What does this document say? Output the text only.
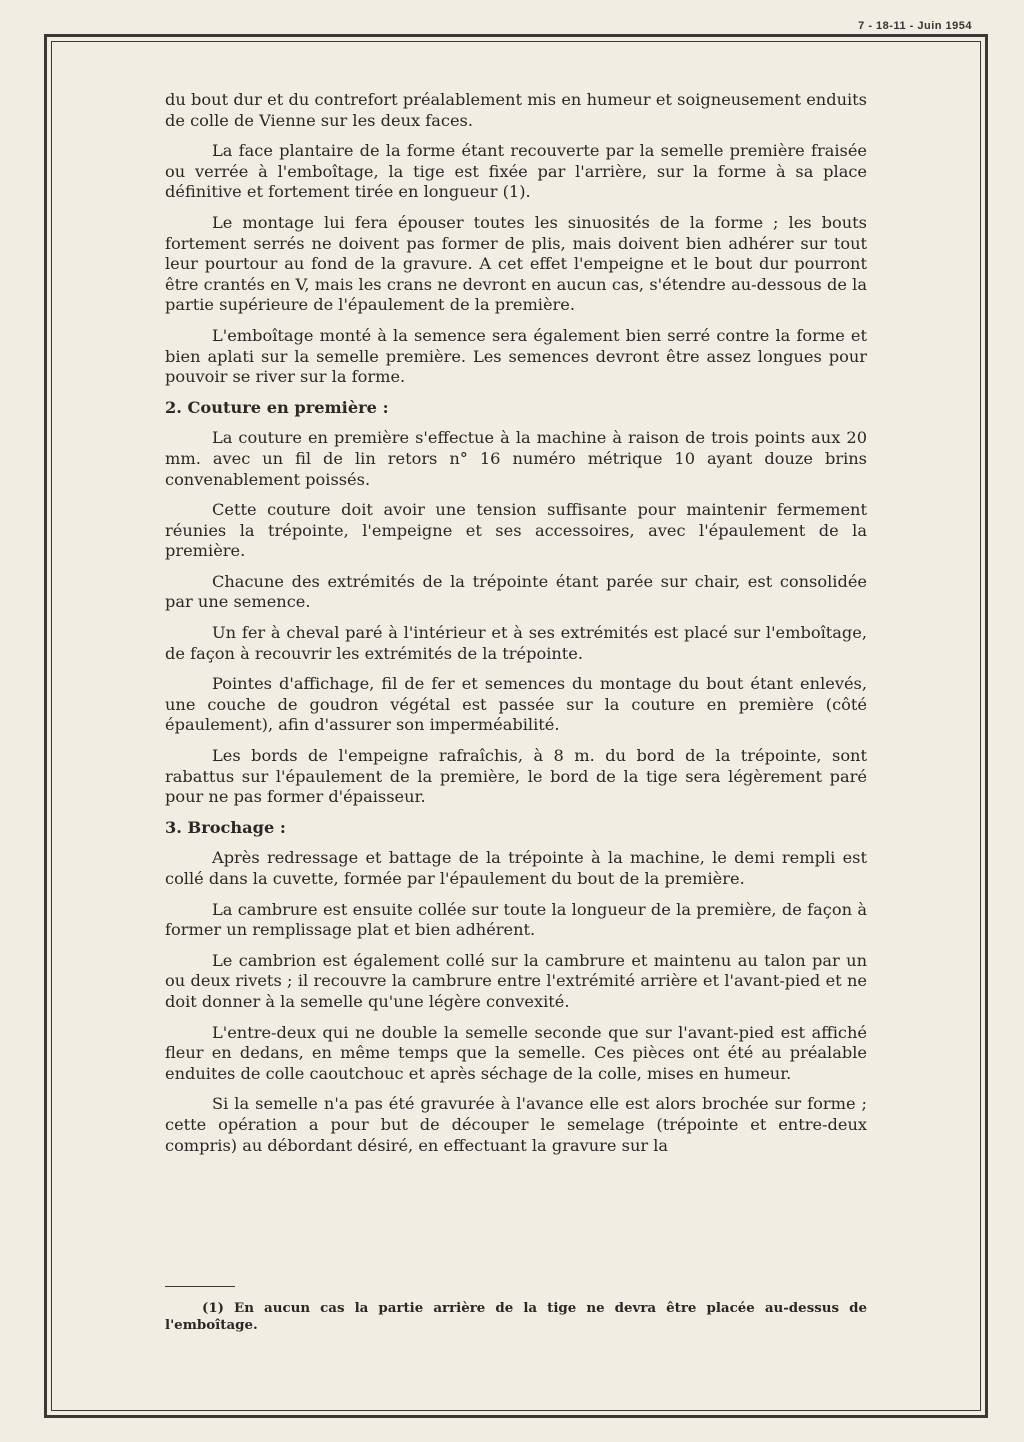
7 - 18-11 - Juin 1954

du bout dur et du contrefort préalablement mis en humeur et soigneusement enduits de colle de Vienne sur les deux faces.

La face plantaire de la forme étant recouverte par la semelle première fraisée ou verrée à l'emboîtage, la tige est fixée par l'arrière, sur la forme à sa place définitive et fortement tirée en longueur (1).

Le montage lui fera épouser toutes les sinuosités de la forme ; les bouts fortement serrés ne doivent pas former de plis, mais doivent bien adhérer sur tout leur pourtour au fond de la gravure. A cet effet l'empeigne et le bout dur pourront être crantés en V, mais les crans ne devront en aucun cas, s'étendre au-dessous de la partie supérieure de l'épaulement de la première.

L'emboîtage monté à la semence sera également bien serré contre la forme et bien aplati sur la semelle première. Les semences devront être assez longues pour pouvoir se river sur la forme.

2. Couture en première :

La couture en première s'effectue à la machine à raison de trois points aux 20 mm. avec un fil de lin retors n° 16 numéro métrique 10 ayant douze brins convenablement poissés.

Cette couture doit avoir une tension suffisante pour maintenir fermement réunies la trépointe, l'empeigne et ses accessoires, avec l'épaulement de la première.

Chacune des extrémités de la trépointe étant parée sur chair, est consolidée par une semence.

Un fer à cheval paré à l'intérieur et à ses extrémités est placé sur l'emboîtage, de façon à recouvrir les extrémités de la trépointe.

Pointes d'affichage, fil de fer et semences du montage du bout étant enlevés, une couche de goudron végétal est passée sur la couture en première (côté épaulement), afin d'assurer son imperméabilité.

Les bords de l'empeigne rafraîchis, à 8 m. du bord de la trépointe, sont rabattus sur l'épaulement de la première, le bord de la tige sera légèrement paré pour ne pas former d'épaisseur.

3. Brochage :

Après redressage et battage de la trépointe à la machine, le demi rempli est collé dans la cuvette, formée par l'épaulement du bout de la première.

La cambrure est ensuite collée sur toute la longueur de la première, de façon à former un remplissage plat et bien adhérent.

Le cambrion est également collé sur la cambrure et maintenu au talon par un ou deux rivets ; il recouvre la cambrure entre l'extrémité arrière et l'avant-pied et ne doit donner à la semelle qu'une légère convexité.

L'entre-deux qui ne double la semelle seconde que sur l'avant-pied est affiché fleur en dedans, en même temps que la semelle. Ces pièces ont été au préalable enduites de colle caoutchouc et après séchage de la colle, mises en humeur.

Si la semelle n'a pas été gravurée à l'avance elle est alors brochée sur forme ; cette opération a pour but de découper le semelage (trépointe et entre-deux compris) au débordant désiré, en effectuant la gravure sur la

(1) En aucun cas la partie arrière de la tige ne devra être placée au-dessus de l'emboîtage.
